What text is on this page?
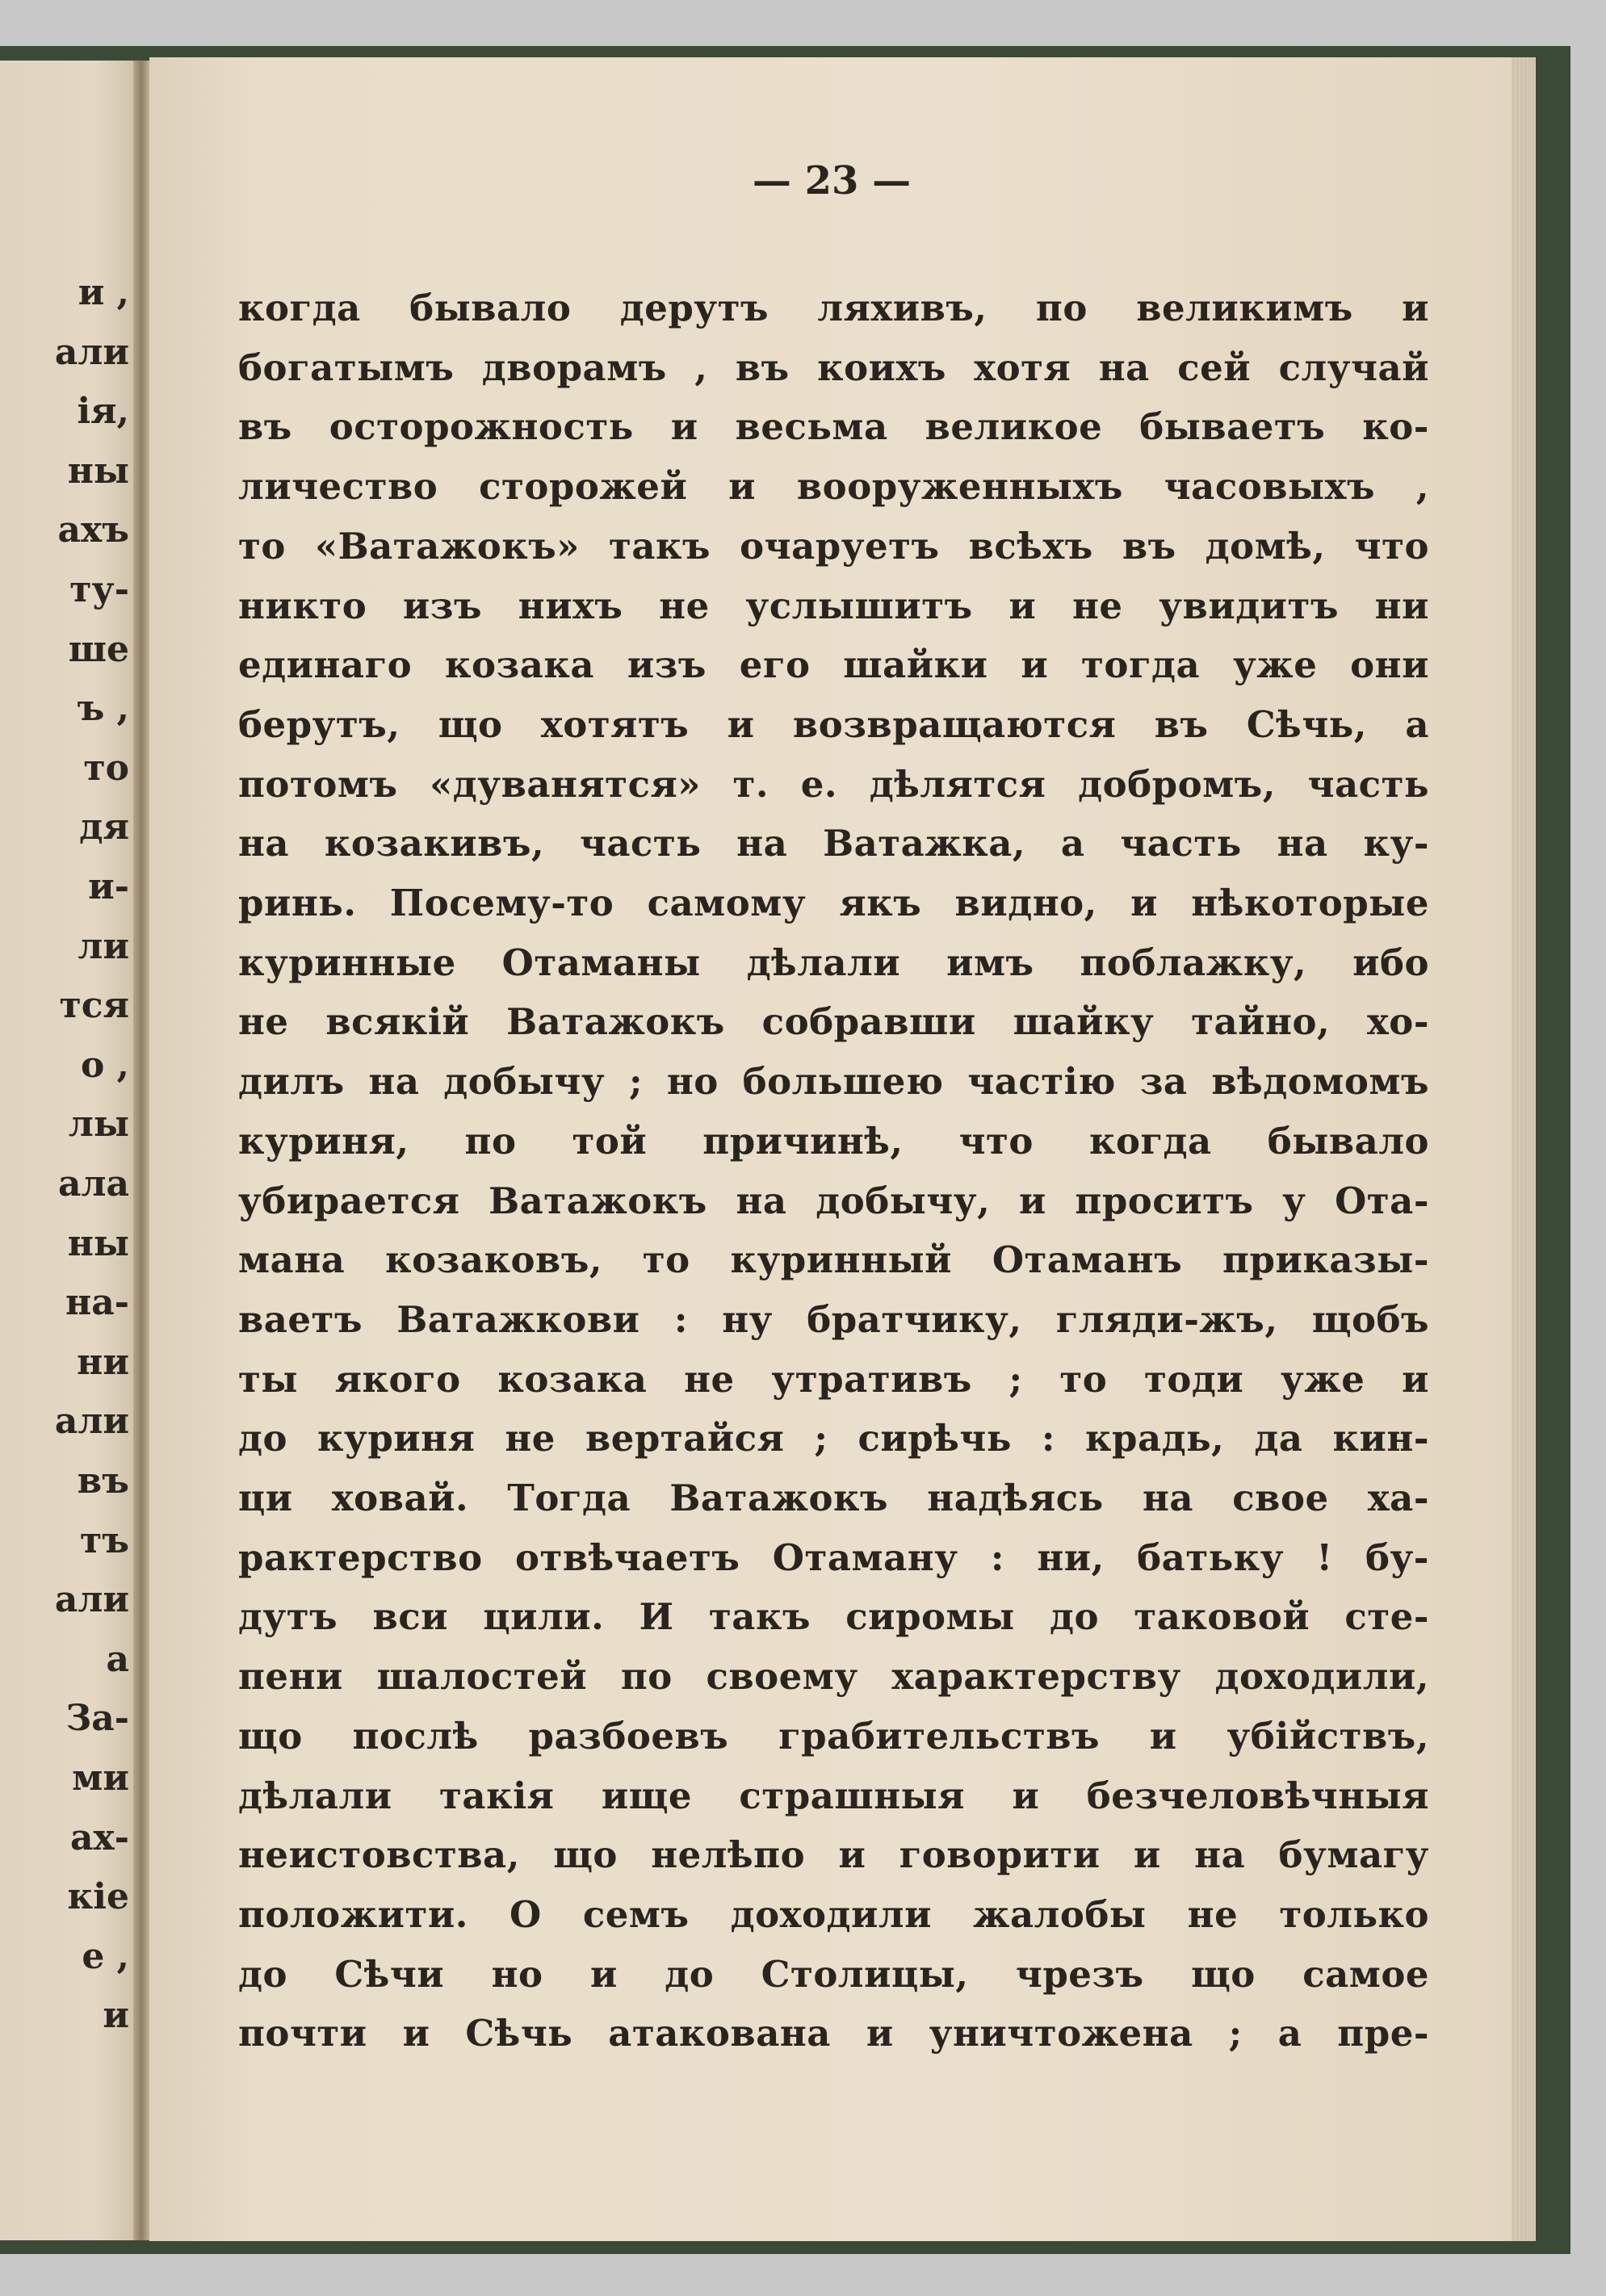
и ,
али
ія,
ны
ахъ
ту-
ше
ъ ,
то
дя
и-
ли
тся
о ,
лы
ала
ны
на-
ни
али
въ
тъ
али
а
За-
ми
ах-
кіе
е ,
и
— 23 —
когда бывало дерутъ ляхивъ, по великимъ и
богатымъ дворамъ , въ коихъ хотя на сей случай
въ осторожность и весьма великое бываетъ ко-
личество сторожей и вооруженныхъ часовыхъ ,
то «Ватажокъ» такъ очаруетъ всѣхъ въ домѣ, что
никто изъ нихъ не услышитъ и не увидитъ ни
единаго козака изъ его шайки и тогда уже они
берутъ, що хотятъ и возвращаются въ Сѣчь, а
потомъ «дуванятся» т. е. дѣлятся добромъ, часть
на козакивъ, часть на Ватажка, а часть на ку-
ринь. Посему-то самому якъ видно, и нѣкоторые
куринные Отаманы дѣлали имъ поблажку, ибо
не всякій Ватажокъ собравши шайку тайно, хо-
дилъ на добычу ; но большею частію за вѣдомомъ
куриня, по той причинѣ, что когда бывало
убирается Ватажокъ на добычу, и проситъ у Ота-
мана козаковъ, то куринный Отаманъ приказы-
ваетъ Ватажкови : ну братчику, гляди-жъ, щобъ
ты якого козака не утративъ ; то тоди уже и
до куриня не вертайся ; сирѣчь : крадь, да кин-
ци ховай. Тогда Ватажокъ надѣясь на свое ха-
рактерство отвѣчаетъ Отаману : ни, батьку ! бу-
дутъ вси цили. И такъ сиромы до таковой сте-
пени шалостей по своему характерству доходили,
що послѣ разбоевъ грабительствъ и убійствъ,
дѣлали такія ище страшныя и безчеловѣчныя
неистовства, що нелѣпо и говорити и на бумагу
положити. О семъ доходили жалобы не только
до Сѣчи но и до Столицы, чрезъ що самое
почти и Сѣчь атакована и уничтожена ; а пре-
